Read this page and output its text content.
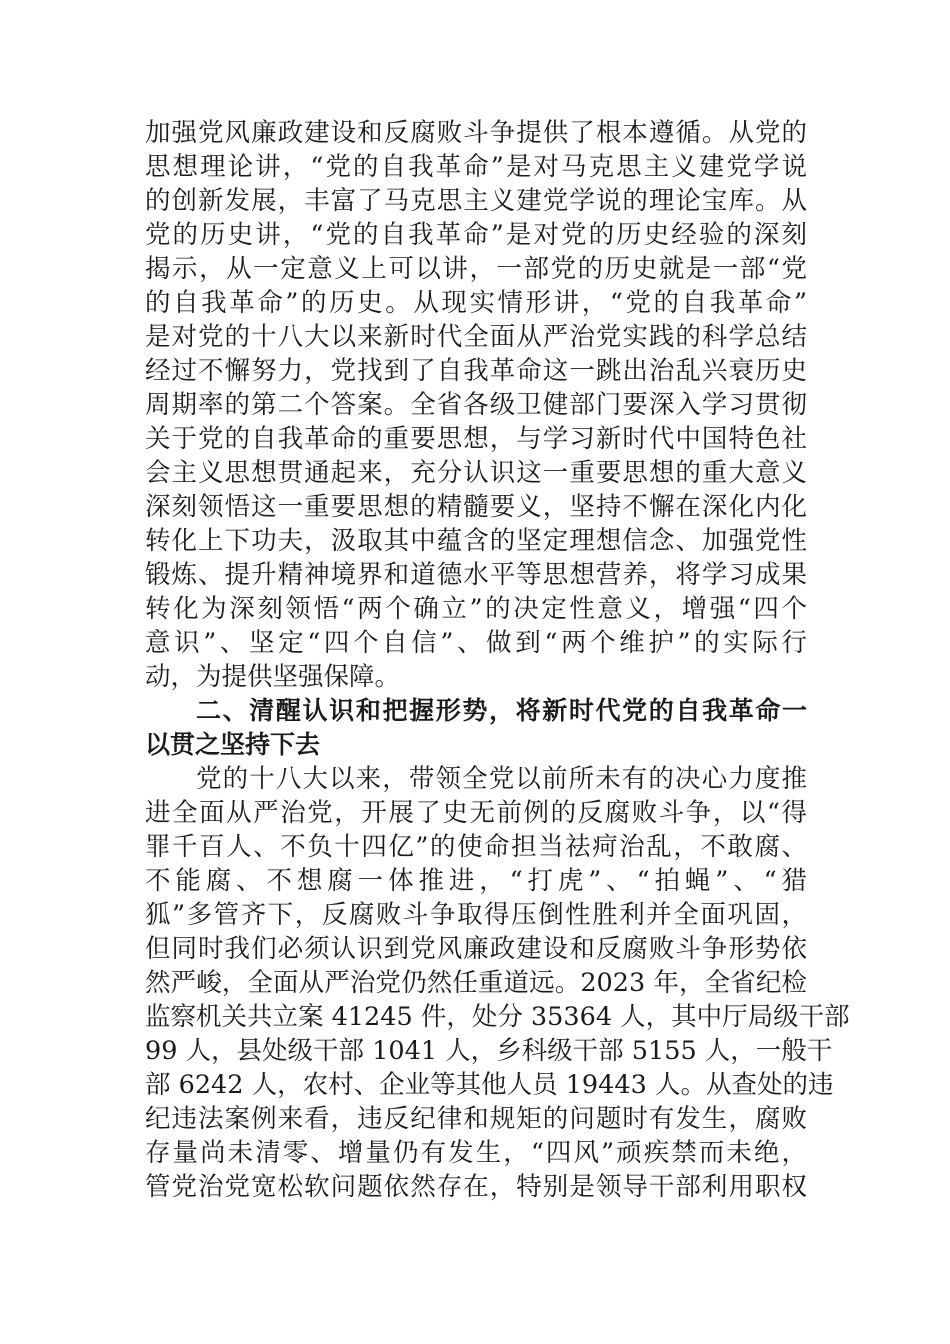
加强党风廉政建设和反腐败斗争提供了根本遵循。从党的
思想理论讲，“党的自我革命”是对马克思主义建党学说
的创新发展，丰富了马克思主义建党学说的理论宝库。从
党的历史讲，“党的自我革命”是对党的历史经验的深刻
揭示，从一定意义上可以讲，一部党的历史就是一部“党
的自我革命”的历史。从现实情形讲，“党的自我革命”
是对党的十八大以来新时代全面从严治党实践的科学总结
经过不懈努力，党找到了自我革命这一跳出治乱兴衰历史
周期率的第二个答案。全省各级卫健部门要深入学习贯彻
关于党的自我革命的重要思想，与学习新时代中国特色社
会主义思想贯通起来，充分认识这一重要思想的重大意义
深刻领悟这一重要思想的精髓要义，坚持不懈在深化内化
转化上下功夫，汲取其中蕴含的坚定理想信念、加强党性
锻炼、提升精神境界和道德水平等思想营养，将学习成果
转化为深刻领悟“两个确立”的决定性意义，增强“四个
意识”、坚定“四个自信”、做到“两个维护”的实际行
动，为提供坚强保障。
二、清醒认识和把握形势，将新时代党的自我革命一
以贯之坚持下去
党的十八大以来，带领全党以前所未有的决心力度推
进全面从严治党，开展了史无前例的反腐败斗争，以“得
罪千百人、不负十四亿”的使命担当祛疴治乱，不敢腐、
不能腐、不想腐一体推进，“打虎”、“拍蝇”、“猎
狐”多管齐下，反腐败斗争取得压倒性胜利并全面巩固，
但同时我们必须认识到党风廉政建设和反腐败斗争形势依
然严峻，全面从严治党仍然任重道远。2023 年，全省纪检
监察机关共立案 41245 件，处分 35364 人，其中厅局级干部
99 人，县处级干部 1041 人，乡科级干部 5155 人，一般干
部 6242 人，农村、企业等其他人员 19443 人。从查处的违
纪违法案例来看，违反纪律和规矩的问题时有发生，腐败
存量尚未清零、增量仍有发生，“四风”顽疾禁而未绝，
管党治党宽松软问题依然存在，特别是领导干部利用职权
